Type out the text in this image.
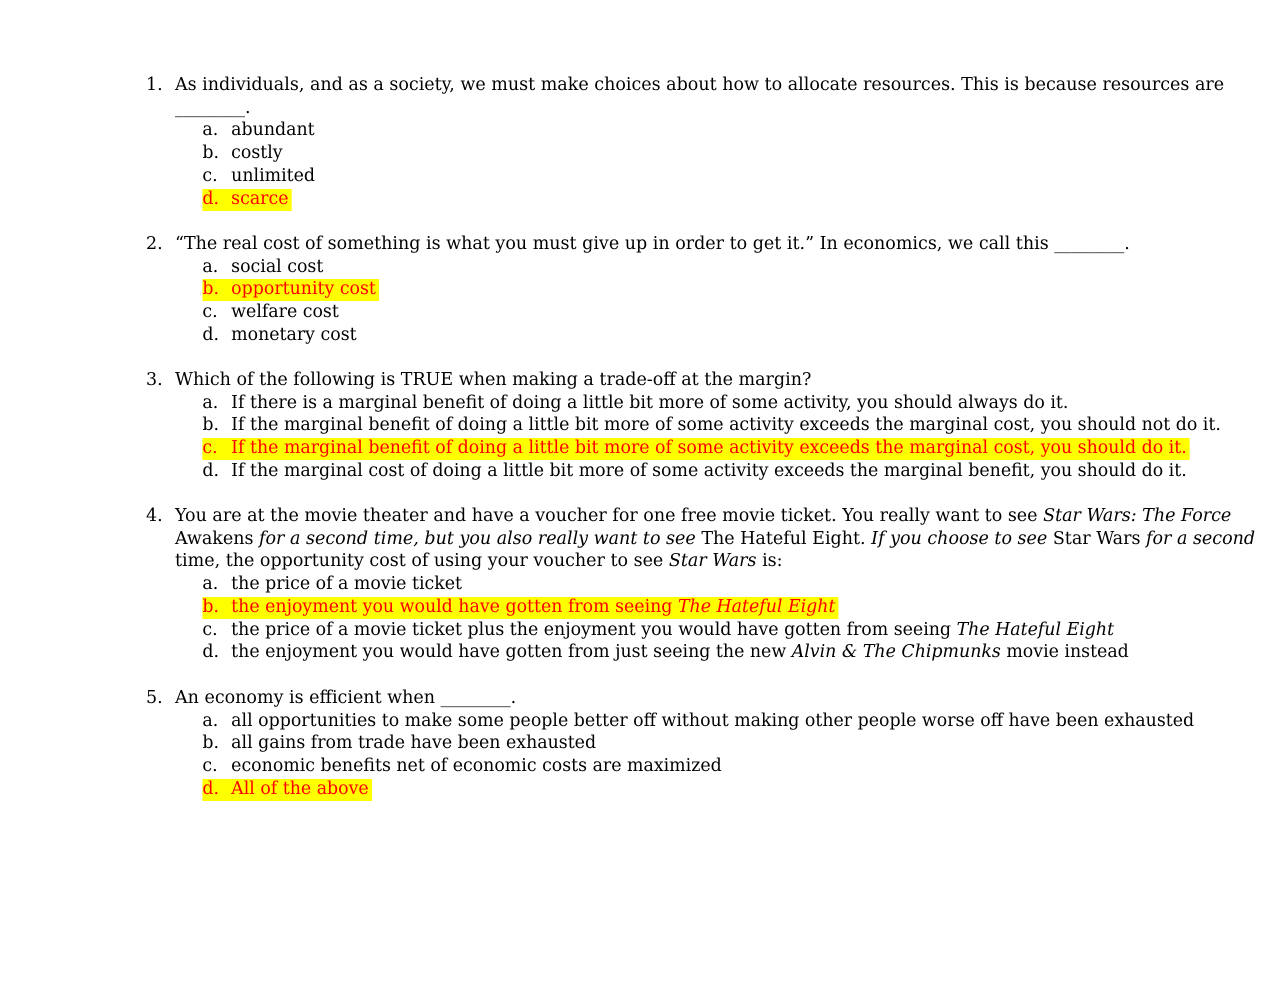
1. As individuals, and as a society, we must make choices about how to allocate resources. This is because resources are
________.
a. abundant
b. costly
c. unlimited
d. scarce
2. “The real cost of something is what you must give up in order to get it.” In economics, we call this ________.
a. social cost
b. opportunity cost
c. welfare cost
d. monetary cost
3. Which of the following is TRUE when making a trade-off at the margin?
a. If there is a marginal benefit of doing a little bit more of some activity, you should always do it.
b. If the marginal benefit of doing a little bit more of some activity exceeds the marginal cost, you should not do it.
c. If the marginal benefit of doing a little bit more of some activity exceeds the marginal cost, you should do it.
d. If the marginal cost of doing a little bit more of some activity exceeds the marginal benefit, you should do it.
4. You are at the movie theater and have a voucher for one free movie ticket. You really want to see Star Wars: The Force
Awakens for a second time, but you also really want to see The Hateful Eight. If you choose to see Star Wars for a second
time, the opportunity cost of using your voucher to see Star Wars is:
a. the price of a movie ticket
b. the enjoyment you would have gotten from seeing The Hateful Eight
c. the price of a movie ticket plus the enjoyment you would have gotten from seeing The Hateful Eight
d. the enjoyment you would have gotten from just seeing the new Alvin & The Chipmunks movie instead
5. An economy is efficient when ________.
a. all opportunities to make some people better off without making other people worse off have been exhausted
b. all gains from trade have been exhausted
c. economic benefits net of economic costs are maximized
d. All of the above
